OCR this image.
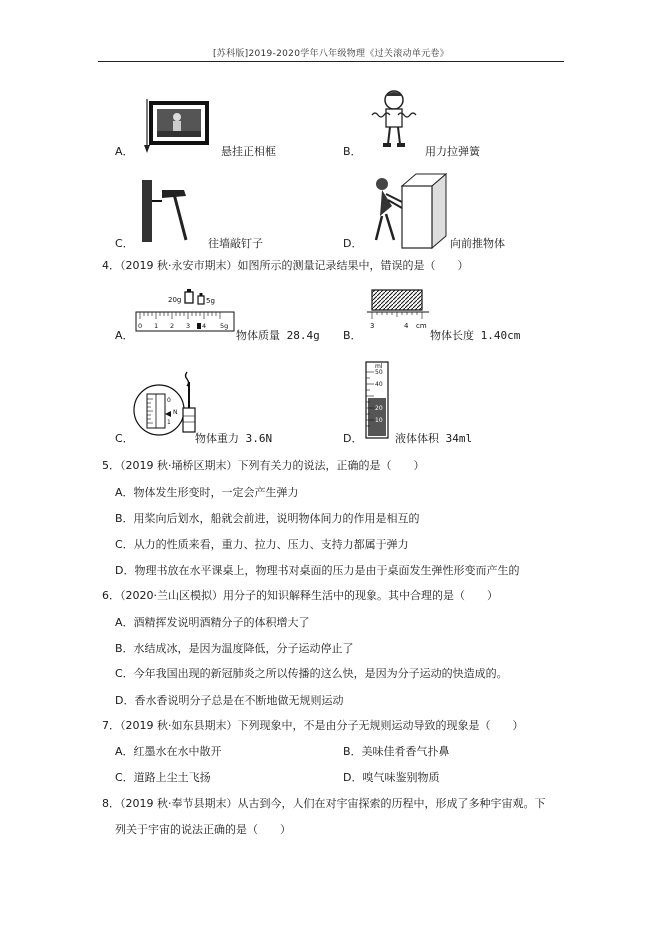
[苏科版]2019-2020学年八年级物理《过关滚动单元卷》
A．	悬挂正相框	B．	用力拉弹簧
C．	往墙敲钉子	D．	向前推物体
4．（2019 秋·永安市期末）如图所示的测量记录结果中，错误的是（　　）
20g	5g
0 1 2 3 4 5g
A．	物体质量 28.4g
3	4 cm
B．	物体长度 1.40cm
0
1
N
C．	物体重力 3.6N
ml
50
40
30
20
10
D．	液体体积 34ml
5．（2019 秋·埇桥区期末）下列有关力的说法，正确的是（　　）
A．物体发生形变时，一定会产生弹力
B．用桨向后划水，船就会前进，说明物体间力的作用是相互的
C．从力的性质来看，重力、拉力、压力、支持力都属于弹力
D．物理书放在水平课桌上，物理书对桌面的压力是由于桌面发生弹性形变而产生的
6．（2020·兰山区模拟）用分子的知识解释生活中的现象。其中合理的是（　　）
A．酒精挥发说明酒精分子的体积增大了
B．水结成冰，是因为温度降低，分子运动停止了
C．今年我国出现的新冠肺炎之所以传播的这么快，是因为分子运动的快造成的。
D．香水香说明分子总是在不断地做无规则运动
7．（2019 秋·如东县期末）下列现象中，不是由分子无规则运动导致的现象是（　　）
A．红墨水在水中散开	B．美味佳肴香气扑鼻
C．道路上尘土飞扬	D．嗅气味鉴别物质
8．（2019 秋·奉节县期末）从古到今，人们在对宇宙探索的历程中，形成了多种宇宙观。下
列关于宇宙的说法正确的是（　　）
